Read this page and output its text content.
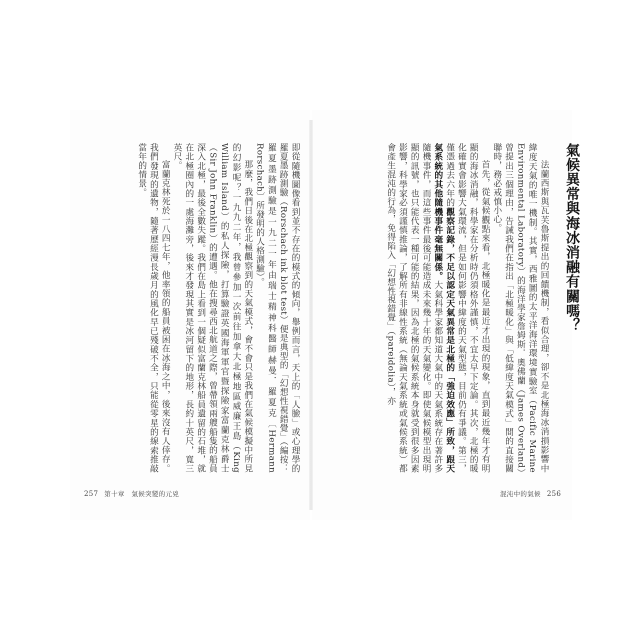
氣候異常與海冰消融有關嗎？

法蘭西斯與瓦芙魯斯提出的回饋機制，看似合理，卻不是北極海冰消損影響中緯度天氣的唯一機制。其實，西雅圖的太平洋海洋環境實驗室（Pacific Marine Environmental Laboratory）的海洋學家詹姆斯．奧佛蘭（James Overland）曾提出三個理由，告誡我們在指出「北極暖化」與「低緯度天氣模式」間的直接關聯時，務必戒慎小心。

首先，從氣候觀點來看，北極暖化是最近才出現的現象，直到最近幾年才有明顯的海冰消融，科學家在分析時仍須格外謹慎，不宜太早下定論。其次，北極的暖化確實會影響大氣環流，但是如何影響中緯度的天氣型態，目前仍有爭議。第三，僅憑過去六年的觀察記錄，不足以認定天氣異常是北極的「強迫效應」所致，跟天氣系統的其他隨機事件毫無關係。大氣科學家都知道大氣中的天氣系統存在著許多隨機事件，而這些事件最後可能造成未來幾十年的天氣變化。即使氣候模型出現明顯的訊號，也只能代表一種可能的結果，因為北極的氣候系統本身就受到很多因素影響，科學家必須謹慎推論，了解所有非線性系統（無論天氣系統或氣候系統）都會產生混沌的行為，免得陷入「幻想性視錯覺」（pareidolia），亦

即從隨機圖像看到並不存在的模式的傾向，舉例而言，天上的「人臉」或心理學的羅夏墨跡測驗（Rorschach ink blot test）便是典型的「幻想性視錯覺」（編按：羅夏墨跡測驗是一九二一年由瑞士精神科醫師赫曼．羅夏克〔Hermann Rorschach〕所發明的人格測驗）。

那麼，我們日後在北極觀察到的天氣模式，會不會只是我們在氣候模擬中所見的幻影呢？一九九二年，我曾參加一次前往加拿大北極地區威廉王島（King William Island）的私人探險，打算驗證英國海軍軍官暨探險家富蘭克林爵士（Sir John Franklin）的遭遇。他在搜尋西北航道之際，曾帶領兩艘船隻的船員深入北極，最後全數失蹤。我們在島上看到一個疑似富蘭克林船員遺留的石堆，就在北極圈內的一處海灘旁，後來才發現其實是冰河留下的地形，長約十英尺，寬三英尺。

富蘭克林死於一八四七年，他率領的船員被困在冰海之中，後來沒有人倖存。我們發現的遺物，隨著歷經漫長歲月的風化早已殘破不全，只能從零星的線索推敲當年的情景。

257 第十章　氣候突變的元兇	混沌中的氣候 256
